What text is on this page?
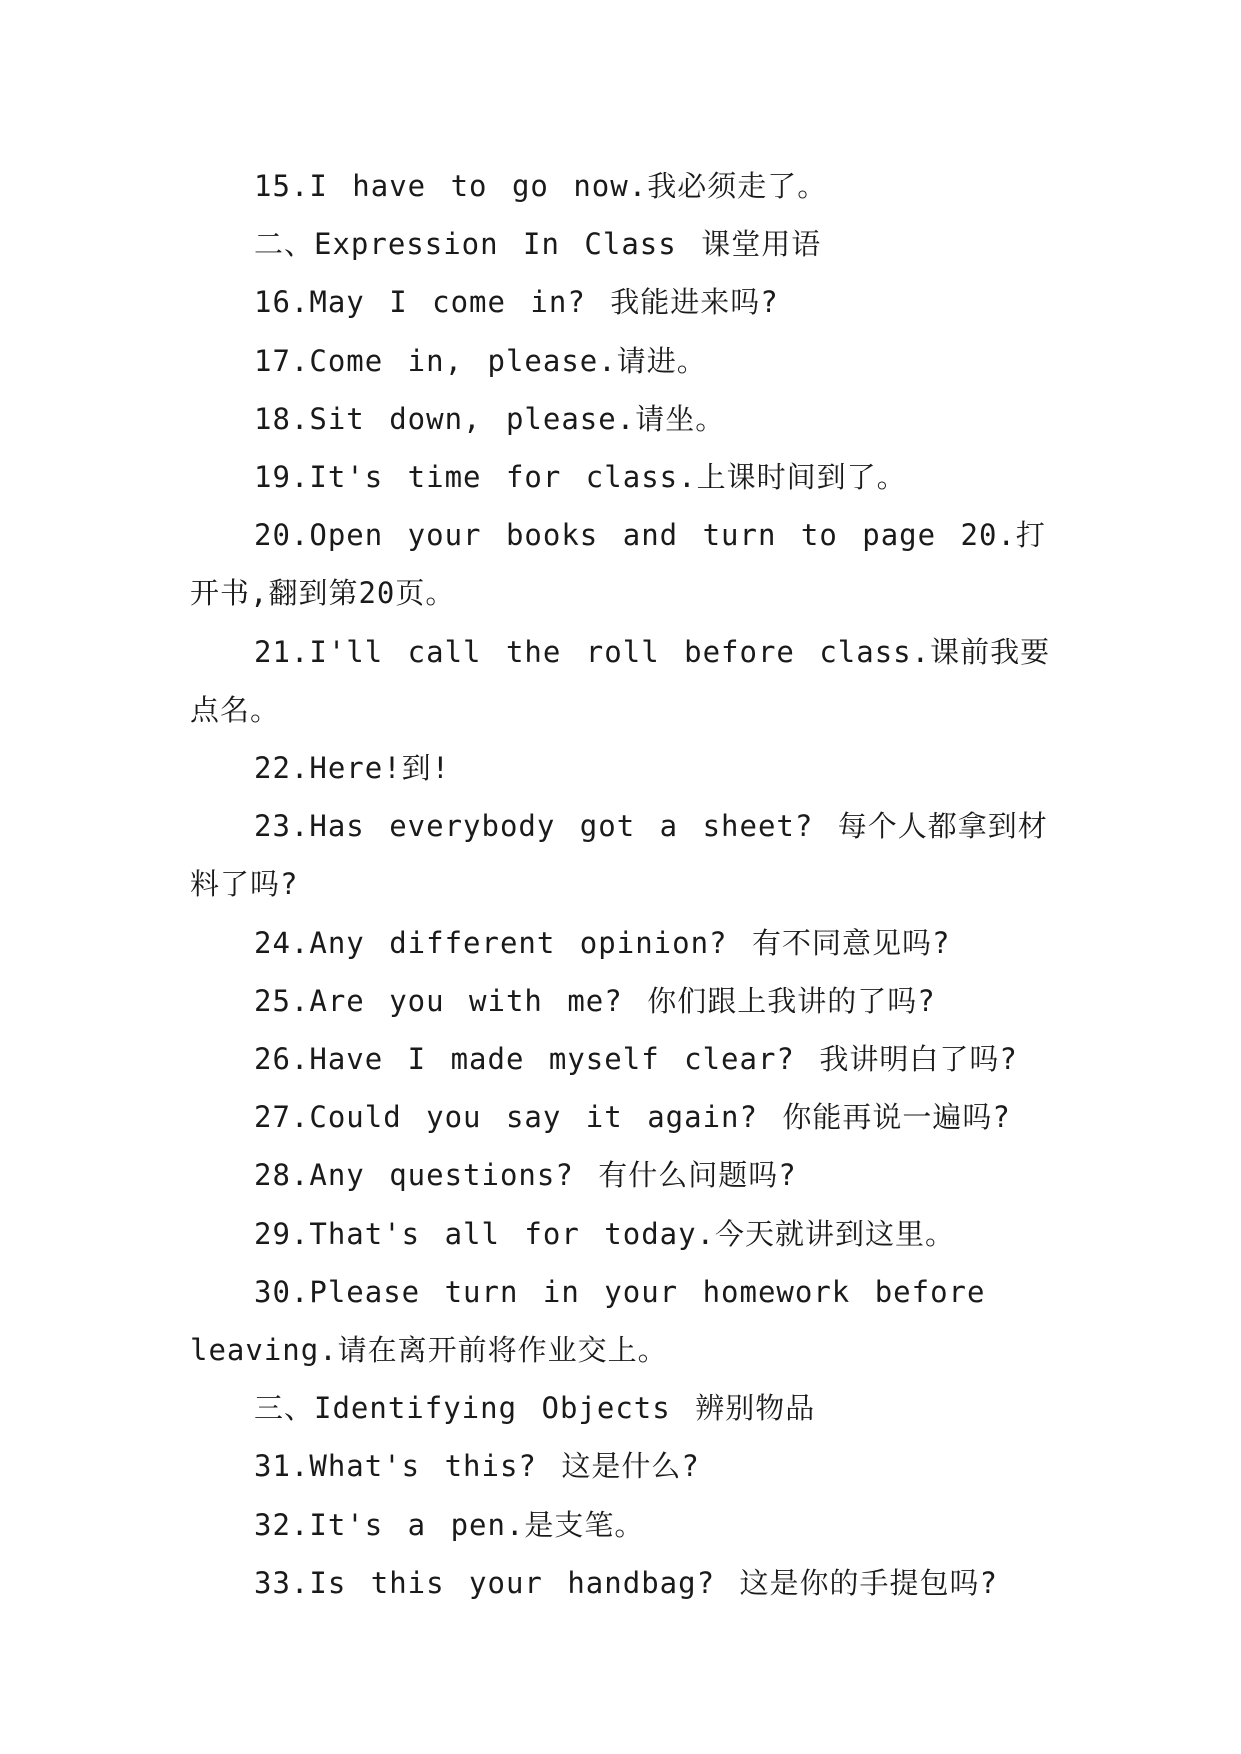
15.I have to go now.我必须走了。

二、Expression In Class 课堂用语

16.May I come in? 我能进来吗?

17.Come in, please.请进。

18.Sit down, please.请坐。

19.It's time for class.上课时间到了。

20.Open your books and turn to page 20.打开书,翻到第20页。

21.I'll call the roll before class.课前我要点名。

22.Here!到!

23.Has everybody got a sheet? 每个人都拿到材料了吗?

24.Any different opinion? 有不同意见吗?

25.Are you with me? 你们跟上我讲的了吗?

26.Have I made myself clear? 我讲明白了吗?

27.Could you say it again? 你能再说一遍吗?

28.Any questions? 有什么问题吗?

29.That's all for today.今天就讲到这里。

30.Please turn in your homework before leaving.请在离开前将作业交上。

三、Identifying Objects 辨别物品

31.What's this? 这是什么?

32.It's a pen.是支笔。

33.Is this your handbag? 这是你的手提包吗?
